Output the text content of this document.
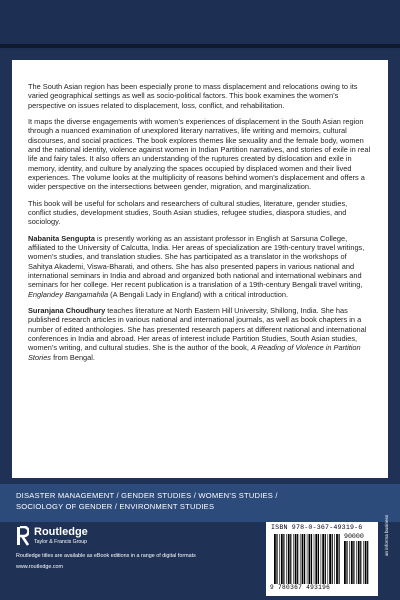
The South Asian region has been especially prone to mass displacement and relocations owing to its varied geographical settings as well as socio-political factors. This book examines the women’s perspective on issues related to displacement, loss, conflict, and rehabilitation.

It maps the diverse engagements with women’s experiences of displacement in the South Asian region through a nuanced examination of unexplored literary narratives, life writing and memoirs, cultural discourses, and social practices. The book explores themes like sexuality and the female body, women and the national identity, violence against women in Indian Partition narratives, and stories of exile in real life and fairy tales. It also offers an understanding of the ruptures created by dislocation and exile in memory, identity, and culture by analyzing the spaces occupied by displaced women and their lived experiences. The volume looks at the multiplicity of reasons behind women’s displacement and offers a wider perspective on the intersections between gender, migration, and marginalization.

This book will be useful for scholars and researchers of cultural studies, literature, gender studies, conflict studies, development studies, South Asian studies, refugee studies, diaspora studies, and sociology.

Nabanita Sengupta is presently working as an assistant professor in English at Sarsuna College, affiliated to the University of Calcutta, India. Her areas of specialization are 19th-century travel writings, women’s studies, and translation studies. She has participated as a translator in the workshops of Sahitya Akademi, Viswa-Bharati, and others. She has also presented papers in various national and international seminars in India and abroad and organized both national and international webinars and seminars for her college. Her recent publication is a translation of a 19th-century Bengali travel writing, Englandey Bangamahila (A Bengali Lady in England) with a critical introduction.

Suranjana Choudhury teaches literature at North Eastern Hill University, Shillong, India. She has published research articles in various national and international journals, as well as book chapters in a number of edited anthologies. She has presented research papers at different national and international conferences in India and abroad. Her areas of interest include Partition Studies, South Asian studies, women’s writing, and cultural studies. She is the author of the book, A Reading of Violence in Partition Stories from Bengal.

DISASTER MANAGEMENT / GENDER STUDIES / WOMEN’S STUDIES /
SOCIOLOGY OF GENDER / ENVIRONMENT STUDIES
Routledge
Taylor & Francis Group
Routledge titles are available as eBook editions in a range of digital formats
www.routledge.com
ISBN 978-0-367-49319-6
90000
9 780367 493196
an informa business
